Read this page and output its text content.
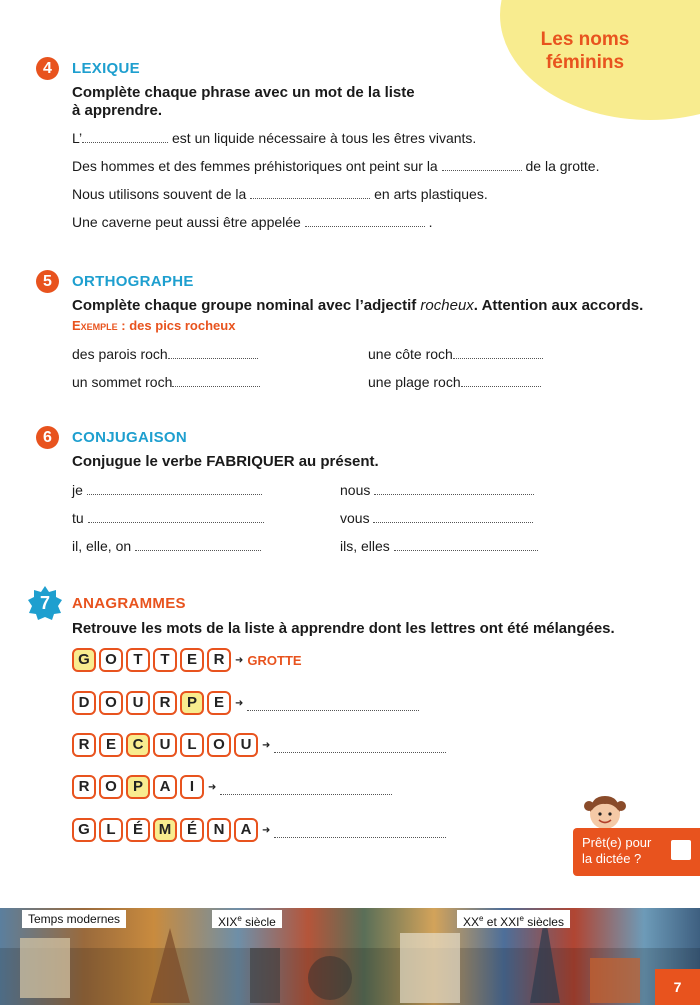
Les noms
féminins
4	LEXIQUE
Complète chaque phrase avec un mot de la liste
à apprendre.
L’	est un liquide nécessaire à tous les êtres vivants.
Des hommes et des femmes préhistoriques ont peint sur la	de la grotte.
Nous utilisons souvent de la	en arts plastiques.
Une caverne peut aussi être appelée	.
5	ORTHOGRAPHE
Complète chaque groupe nominal avec l’adjectif rocheux. Attention aux accords.
Exemple : des pics rocheux
des parois roch	une côte roch
un sommet roch	une plage roch
6	CONJUGAISON
Conjugue le verbe FABRIQUER au présent.
je	nous
tu	vous
il, elle, on	ils, elles
7	ANAGRAMMES
Retrouve les mots de la liste à apprendre dont les lettres ont été mélangées.
G	O	T	T	E	R	➜ GROTTE
D	O	U	R	P	E	➜
R	E	C	U	L	O	U	➜
R	O	P	A	I	➜
G	L	É	M	É	N	A	➜
Prêt(e) pour
la dictée ?
Temps modernes	XIXe siècle	XXe et XXIe siècles
7
